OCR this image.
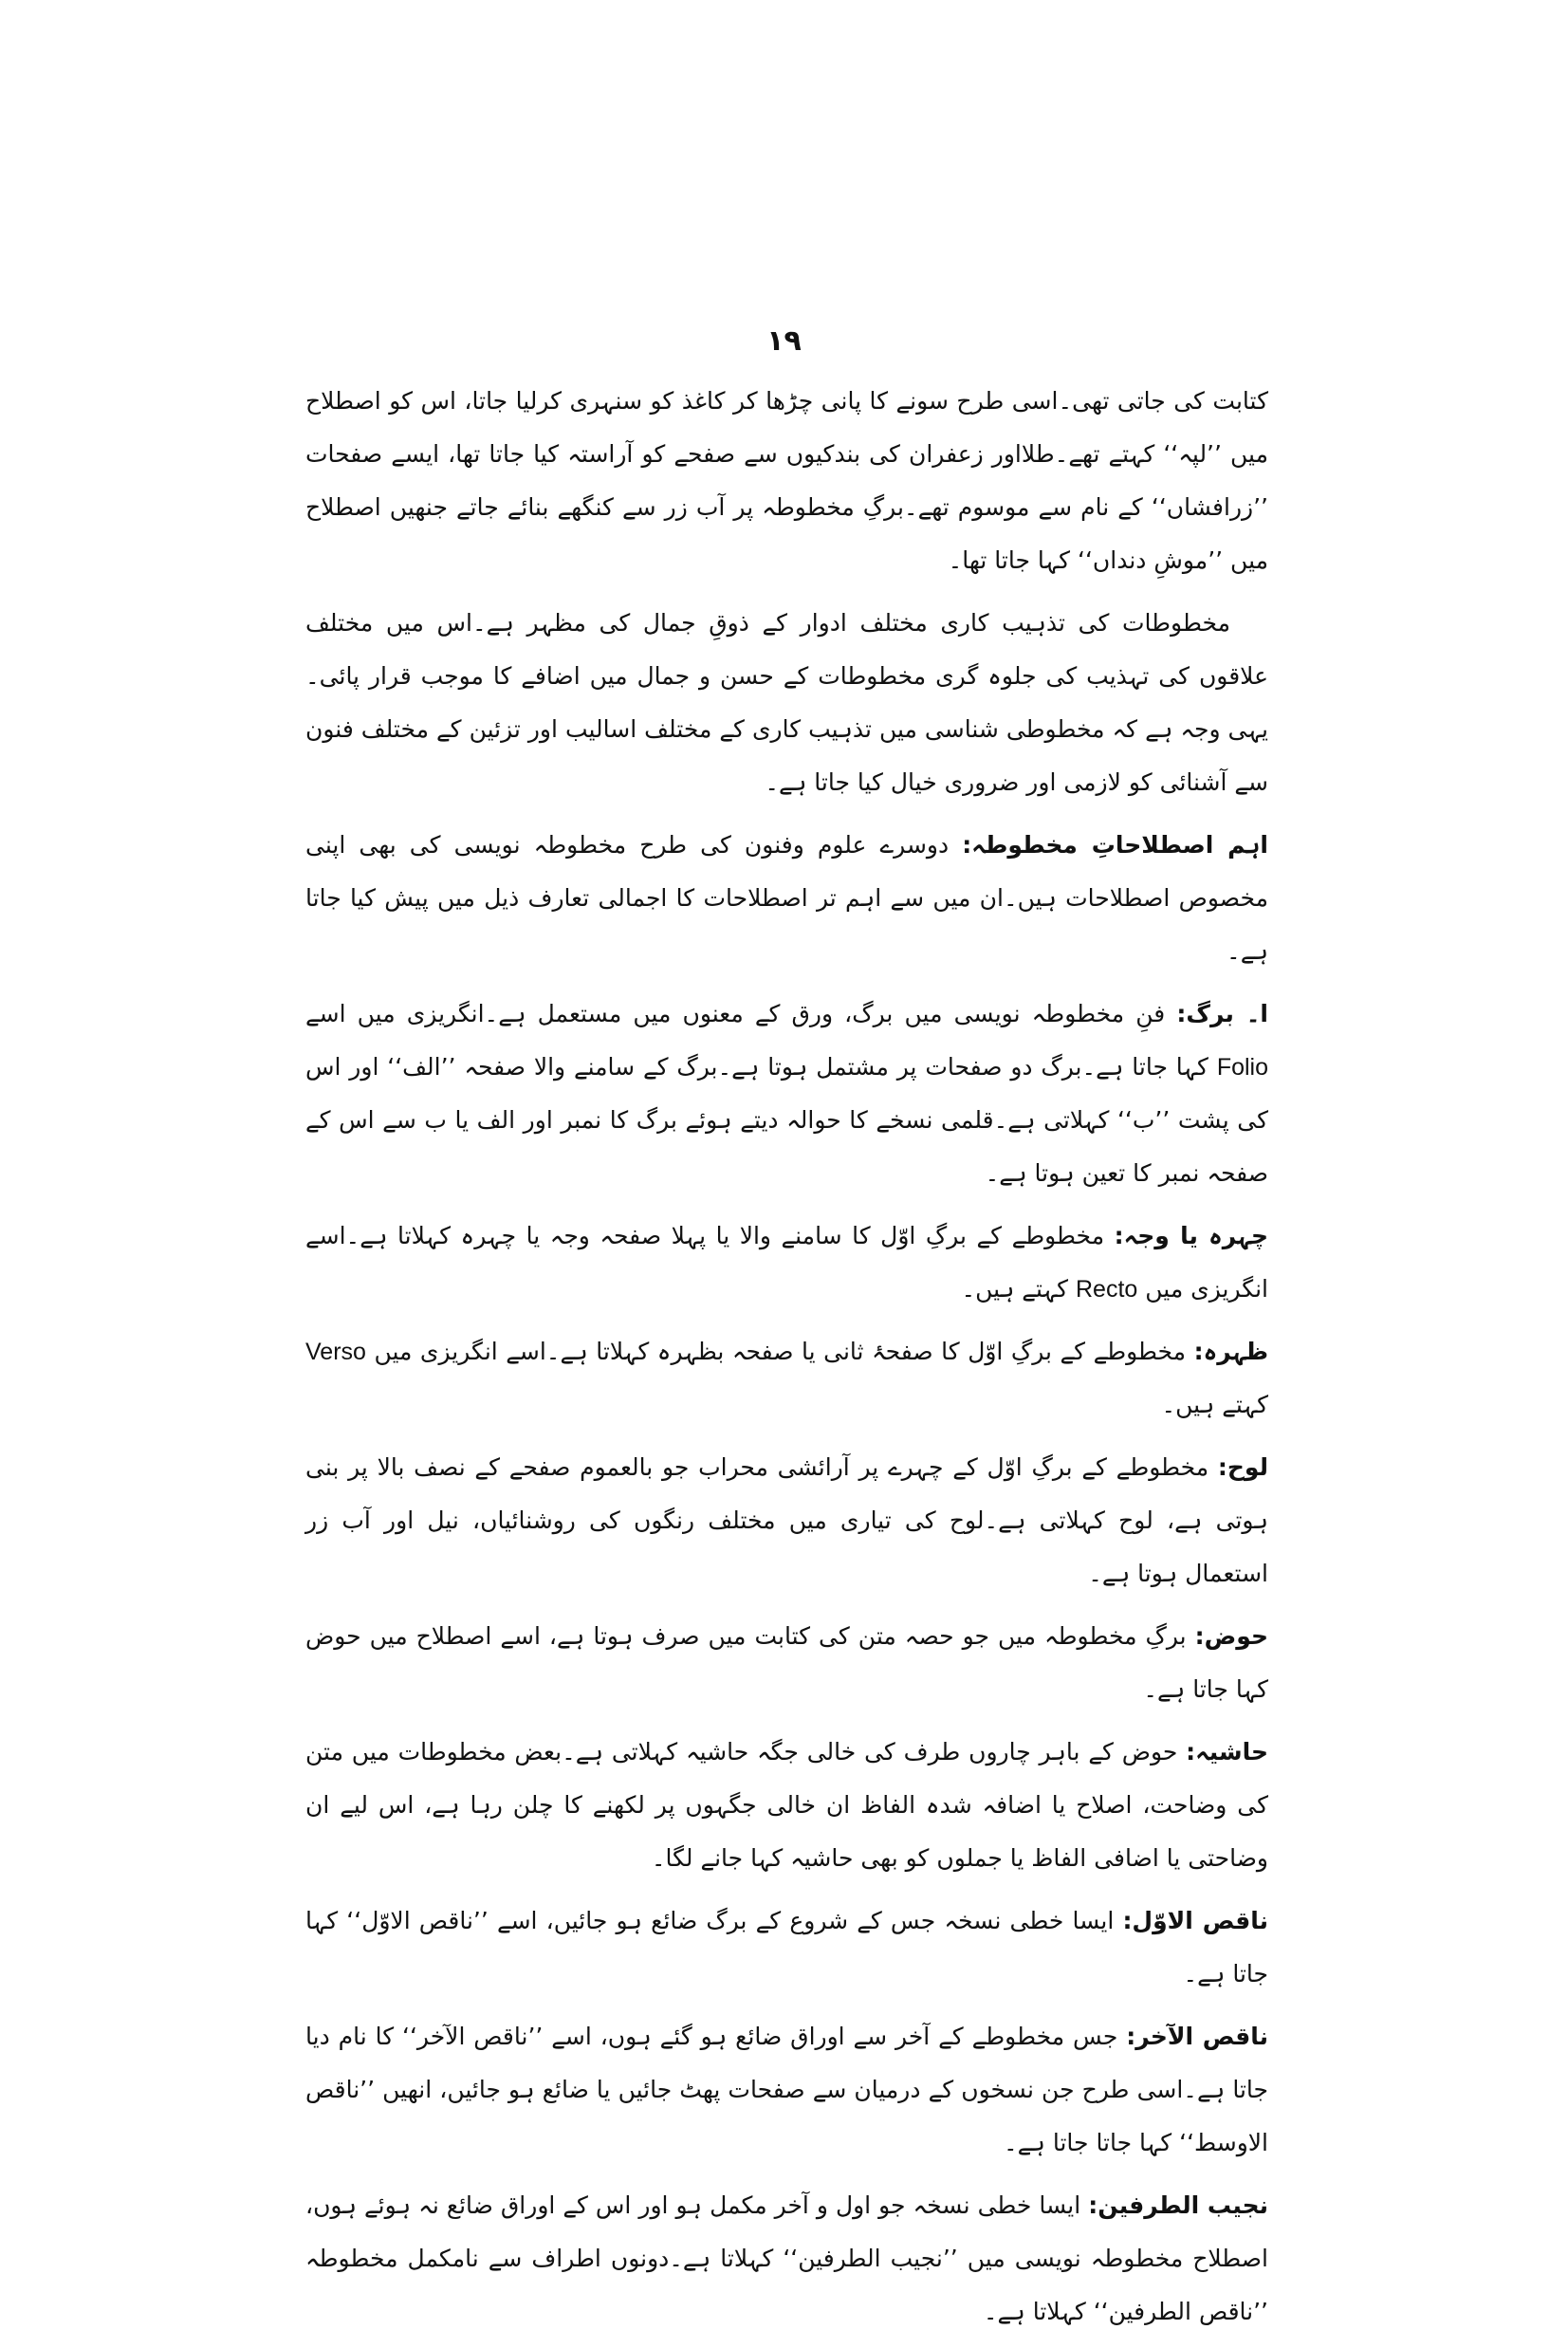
۱۹

کتابت کی جاتی تھی۔اسی طرح سونے کا پانی چڑھا کر کاغذ کو سنہری کرلیا جاتا، اس کو اصطلاح میں ’’لپہ‘‘ کہتے تھے۔طلااور زعفران کی بندکیوں سے صفحے کو آراستہ کیا جاتا تھا، ایسے صفحات ’’زرافشاں‘‘ کے نام سے موسوم تھے۔برگِ مخطوطہ پر آب زر سے کنگھے بنائے جاتے جنھیں اصطلاح میں ’’موشِ دنداں‘‘ کہا جاتا تھا۔

مخطوطات کی تذہیب کاری مختلف ادوار کے ذوقِ جمال کی مظہر ہے۔اس میں مختلف علاقوں کی تہذیب کی جلوہ گری مخطوطات کے حسن و جمال میں اضافے کا موجب قرار پائی۔یہی وجہ ہے کہ مخطوطی شناسی میں تذہیب کاری کے مختلف اسالیب اور تزئین کے مختلف فنون سے آشنائی کو لازمی اور ضروری خیال کیا جاتا ہے۔

اہم اصطلاحاتِ مخطوطہ: دوسرے علوم وفنون کی طرح مخطوطہ نویسی کی بھی اپنی مخصوص اصطلاحات ہیں۔ان میں سے اہم تر اصطلاحات کا اجمالی تعارف ذیل میں پیش کیا جاتا ہے۔

ا۔ برگ: فنِ مخطوطہ نویسی میں برگ، ورق کے معنوں میں مستعمل ہے۔انگریزی میں اسے Folio کہا جاتا ہے۔برگ دو صفحات پر مشتمل ہوتا ہے۔برگ کے سامنے والا صفحہ ’’الف‘‘ اور اس کی پشت ’’ب‘‘ کہلاتی ہے۔قلمی نسخے کا حوالہ دیتے ہوئے برگ کا نمبر اور الف یا ب سے اس کے صفحہ نمبر کا تعین ہوتا ہے۔

چہرہ یا وجہ: مخطوطے کے برگِ اوّل کا سامنے والا یا پہلا صفحہ وجہ یا چہرہ کہلاتا ہے۔اسے انگریزی میں Recto کہتے ہیں۔

ظہرہ: مخطوطے کے برگِ اوّل کا صفحۂ ثانی یا صفحہ بظہرہ کہلاتا ہے۔اسے انگریزی میں Verso کہتے ہیں۔

لوح: مخطوطے کے برگِ اوّل کے چہرے پر آرائشی محراب جو بالعموم صفحے کے نصف بالا پر بنی ہوتی ہے، لوح کہلاتی ہے۔لوح کی تیاری میں مختلف رنگوں کی روشنائیاں، نیل اور آب زر استعمال ہوتا ہے۔

حوض: برگِ مخطوطہ میں جو حصہ متن کی کتابت میں صرف ہوتا ہے، اسے اصطلاح میں حوض کہا جاتا ہے۔

حاشیہ: حوض کے باہر چاروں طرف کی خالی جگہ حاشیہ کہلاتی ہے۔بعض مخطوطات میں متن کی وضاحت، اصلاح یا اضافہ شدہ الفاظ ان خالی جگہوں پر لکھنے کا چلن رہا ہے، اس لیے ان وضاحتی یا اضافی الفاظ یا جملوں کو بھی حاشیہ کہا جانے لگا۔

ناقص الاوّل: ایسا خطی نسخہ جس کے شروع کے برگ ضائع ہو جائیں، اسے ’’ناقص الاوّل‘‘ کہا جاتا ہے۔

ناقص الآخر: جس مخطوطے کے آخر سے اوراق ضائع ہو گئے ہوں، اسے ’’ناقص الآخر‘‘ کا نام دیا جاتا ہے۔اسی طرح جن نسخوں کے درمیان سے صفحات پھٹ جائیں یا ضائع ہو جائیں، انھیں ’’ناقص الاوسط‘‘ کہا جاتا جاتا ہے۔

نجیب الطرفین: ایسا خطی نسخہ جو اول و آخر مکمل ہو اور اس کے اوراق ضائع نہ ہوئے ہوں، اصطلاح مخطوطہ نویسی میں ’’نجیب الطرفین‘‘ کہلاتا ہے۔دونوں اطراف سے نامکمل مخطوطہ ’’ناقص الطرفین‘‘ کہلاتا ہے۔
